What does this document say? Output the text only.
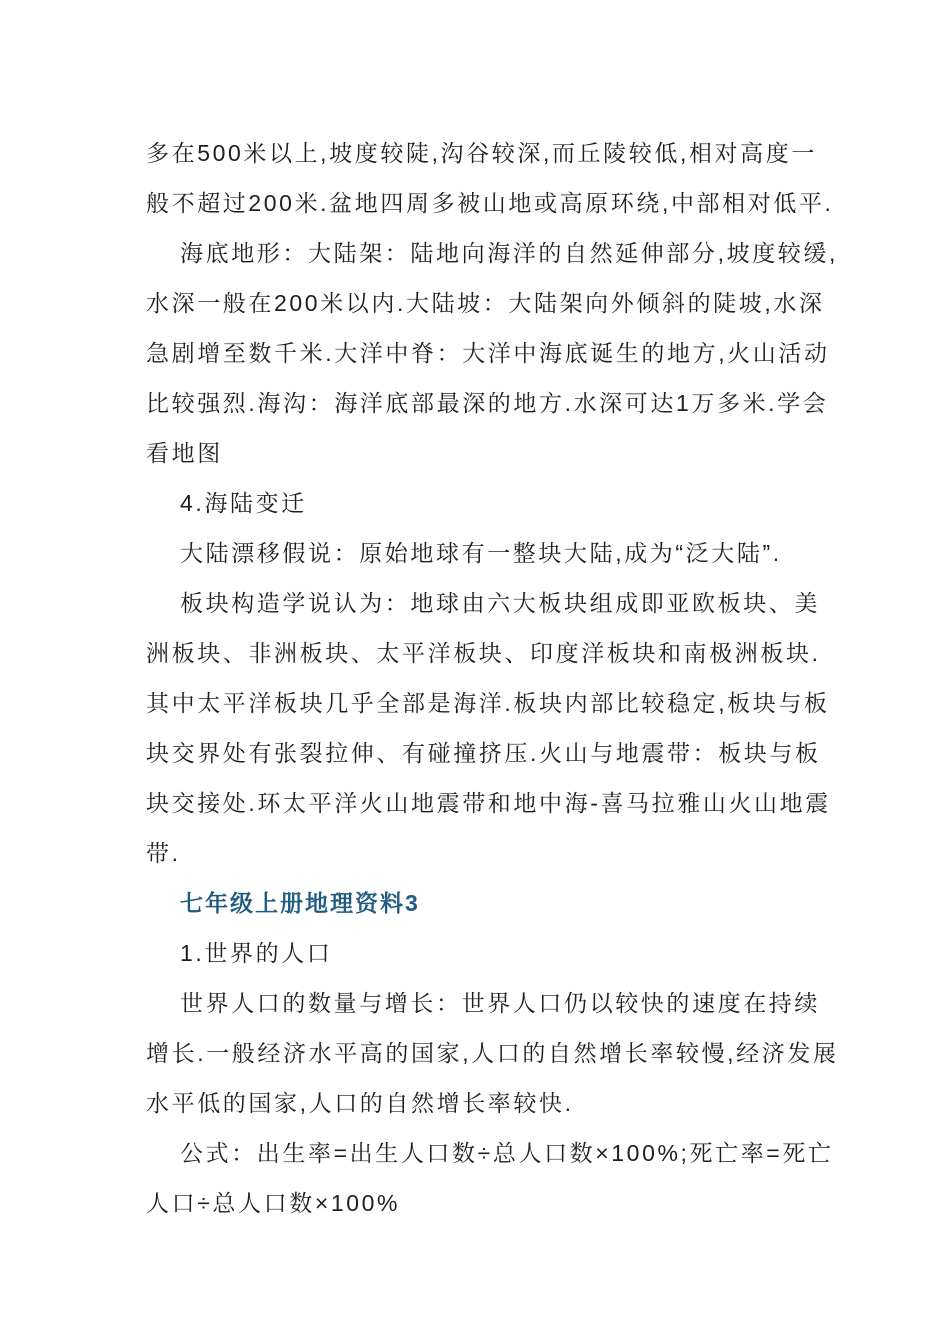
多在500米以上,坡度较陡,沟谷较深,而丘陵较低,相对高度一
般不超过200米.盆地四周多被山地或高原环绕,中部相对低平.
海底地形：大陆架：陆地向海洋的自然延伸部分,坡度较缓,
水深一般在200米以内.大陆坡：大陆架向外倾斜的陡坡,水深
急剧增至数千米.大洋中脊：大洋中海底诞生的地方,火山活动
比较强烈.海沟：海洋底部最深的地方.水深可达1万多米.学会
看地图
4.海陆变迁
大陆漂移假说：原始地球有一整块大陆,成为“泛大陆”.
板块构造学说认为：地球由六大板块组成即亚欧板块、美
洲板块、非洲板块、太平洋板块、印度洋板块和南极洲板块.
其中太平洋板块几乎全部是海洋.板块内部比较稳定,板块与板
块交界处有张裂拉伸、有碰撞挤压.火山与地震带：板块与板
块交接处.环太平洋火山地震带和地中海-喜马拉雅山火山地震
带.
七年级上册地理资料3
1.世界的人口
世界人口的数量与增长：世界人口仍以较快的速度在持续
增长.一般经济水平高的国家,人口的自然增长率较慢,经济发展
水平低的国家,人口的自然增长率较快.
公式：出生率=出生人口数÷总人口数×100%;死亡率=死亡
人口÷总人口数×100%
